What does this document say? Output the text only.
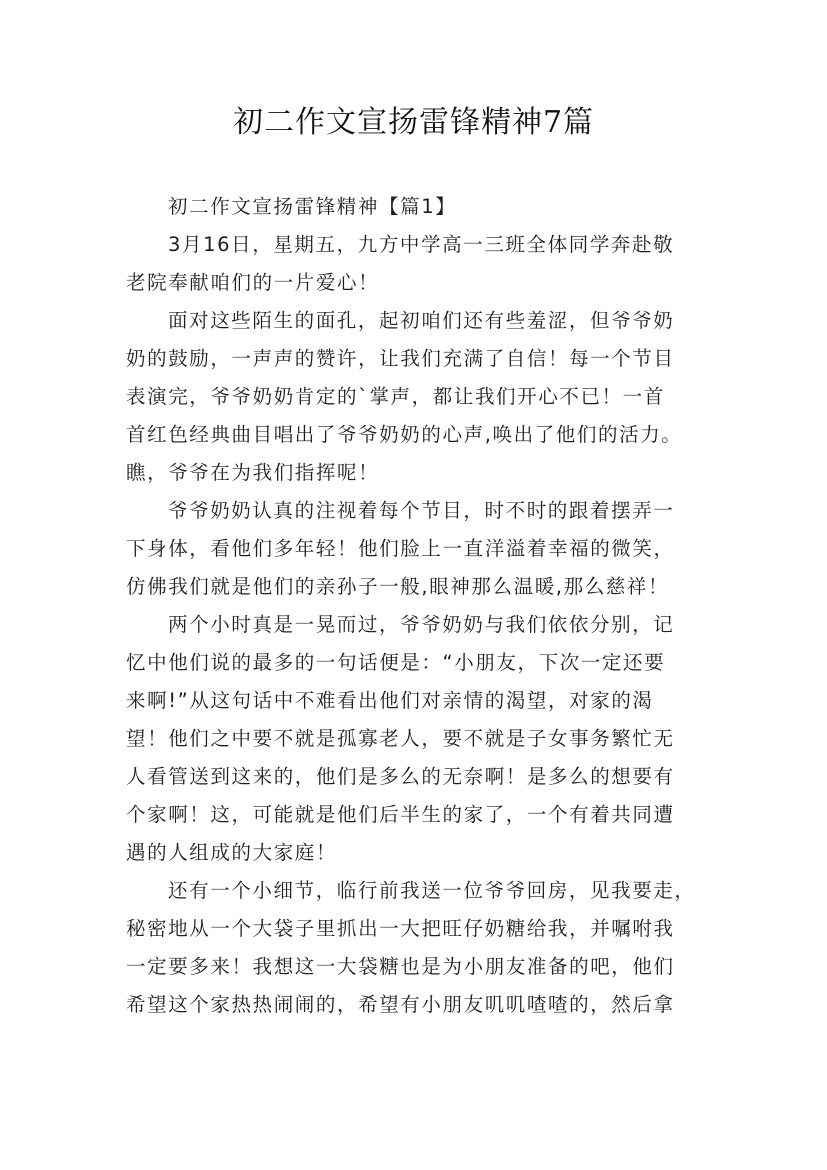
初二作文宣扬雷锋精神7篇
初二作文宣扬雷锋精神【篇1】
3月16日，星期五，九方中学高一三班全体同学奔赴敬
老院奉献咱们的一片爱心！
面对这些陌生的面孔，起初咱们还有些羞涩，但爷爷奶
奶的鼓励，一声声的赞许，让我们充满了自信！每一个节目
表演完，爷爷奶奶肯定的`掌声，都让我们开心不已！一首
首红色经典曲目唱出了爷爷奶奶的心声,唤出了他们的活力。
瞧，爷爷在为我们指挥呢！
爷爷奶奶认真的注视着每个节目，时不时的跟着摆弄一
下身体，看他们多年轻！他们脸上一直洋溢着幸福的微笑，
仿佛我们就是他们的亲孙子一般,眼神那么温暖,那么慈祥！
两个小时真是一晃而过，爷爷奶奶与我们依依分别，记
忆中他们说的最多的一句话便是：“小朋友，下次一定还要
来啊!”从这句话中不难看出他们对亲情的渴望，对家的渴
望！他们之中要不就是孤寡老人，要不就是子女事务繁忙无
人看管送到这来的，他们是多么的无奈啊！是多么的想要有
个家啊！这，可能就是他们后半生的家了，一个有着共同遭
遇的人组成的大家庭！
还有一个小细节，临行前我送一位爷爷回房，见我要走，
秘密地从一个大袋子里抓出一大把旺仔奶糖给我，并嘱咐我
一定要多来！我想这一大袋糖也是为小朋友准备的吧，他们
希望这个家热热闹闹的，希望有小朋友叽叽喳喳的，然后拿
